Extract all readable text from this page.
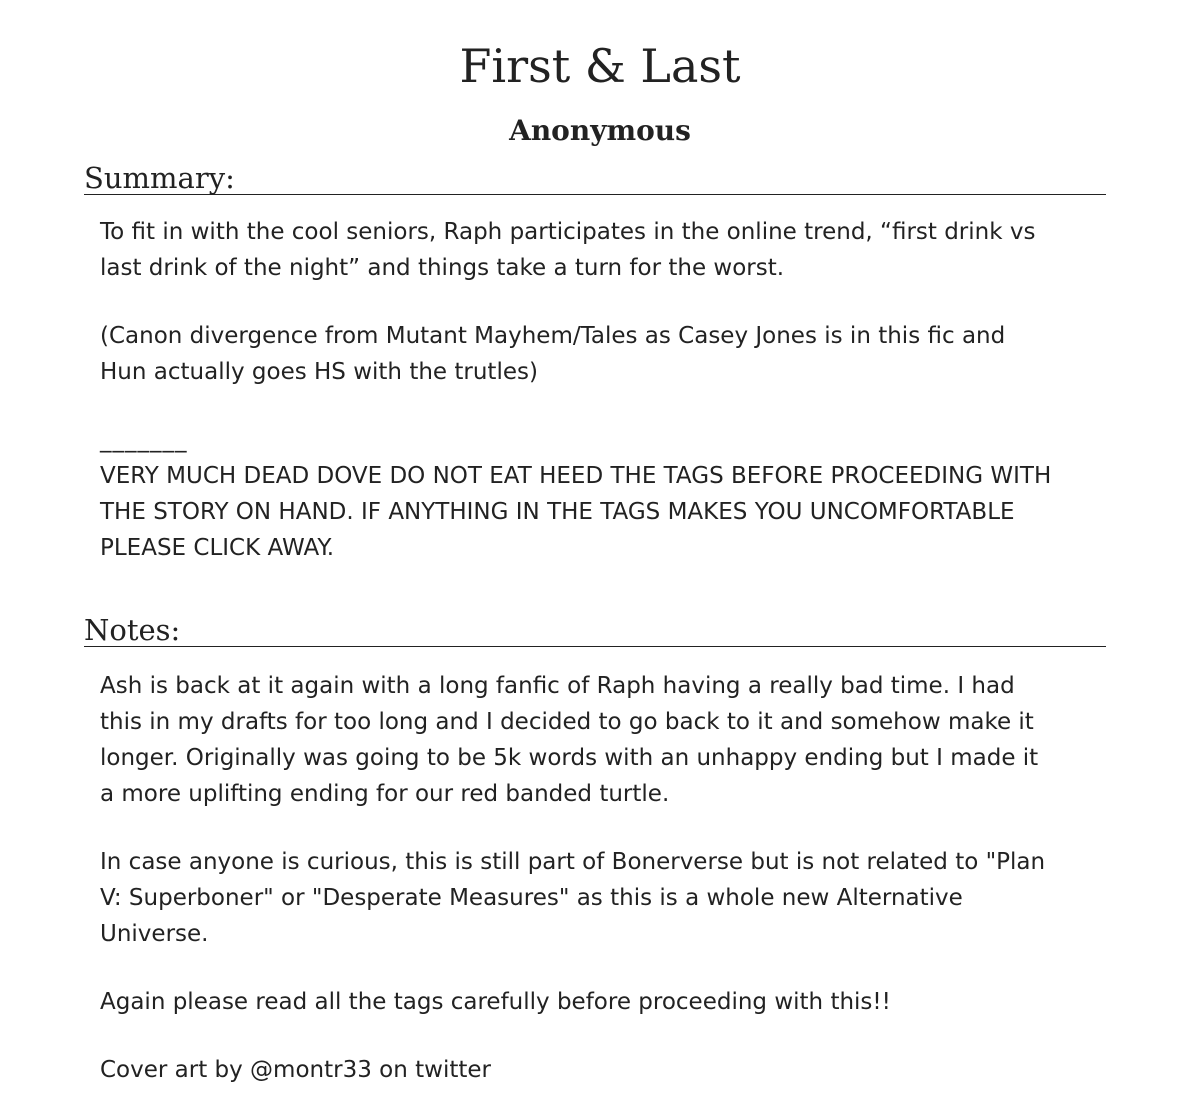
First & Last
Anonymous
Summary:

To fit in with the cool seniors, Raph participates in the online trend, “first drink vs
last drink of the night” and things take a turn for the worst.

(Canon divergence from Mutant Mayhem/Tales as Casey Jones is in this fic and
Hun actually goes HS with the trutles)

_______

VERY MUCH DEAD DOVE DO NOT EAT HEED THE TAGS BEFORE PROCEEDING WITH
THE STORY ON HAND. IF ANYTHING IN THE TAGS MAKES YOU UNCOMFORTABLE
PLEASE CLICK AWAY.

Notes:

Ash is back at it again with a long fanfic of Raph having a really bad time. I had
this in my drafts for too long and I decided to go back to it and somehow make it
longer. Originally was going to be 5k words with an unhappy ending but I made it
a more uplifting ending for our red banded turtle.

In case anyone is curious, this is still part of Bonerverse but is not related to "Plan
V: Superboner" or "Desperate Measures" as this is a whole new Alternative
Universe.

Again please read all the tags carefully before proceeding with this!!

Cover art by @montr33 on twitter
